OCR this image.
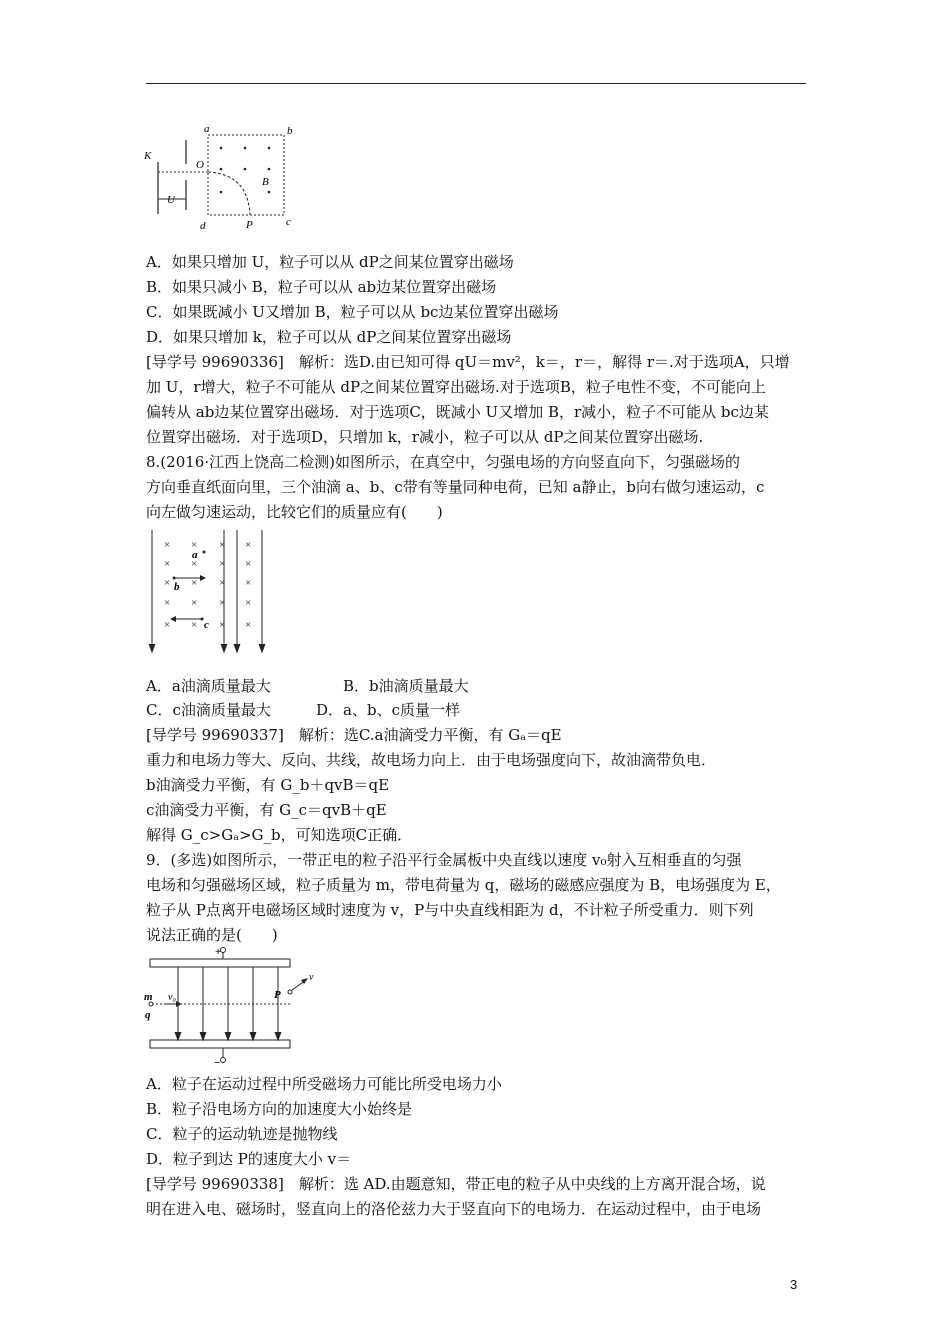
a	b
c
d
K
O
B
P
U
A．如果只增加 U，粒子可以从 dP之间某位置穿出磁场
B．如果只减小 B，粒子可以从 ab边某位置穿出磁场
C．如果既减小 U又增加 B，粒子可以从 bc边某位置穿出磁场
D．如果只增加 k，粒子可以从 dP之间某位置穿出磁场
[导学号 99690336]　解析：选D.由已知可得 qU＝mv²，k＝，r＝，解得 r＝.对于选项A，只增
加 U，r增大，粒子不可能从 dP之间某位置穿出磁场.对于选项B，粒子电性不变，不可能向上
偏转从 ab边某位置穿出磁场．对于选项C，既减小 U又增加 B，r减小，粒子不可能从 bc边某
位置穿出磁场．对于选项D，只增加 k，r减小，粒子可以从 dP之间某位置穿出磁场.
8.(2016·江西上饶高二检测)如图所示，在真空中，匀强电场的方向竖直向下，匀强磁场的
方向垂直纸面向里，三个油滴 a、b、c带有等量同种电荷，已知 a静止，b向右做匀速运动，c
向左做匀速运动，比较它们的质量应有(　　)
× × × ×
× × × ×
× × × ×
× × × ×
× × × ×
a
b
c
A．a油滴质量最大	B．b油滴质量最大
C．c油滴质量最大	D．a、b、c质量一样
[导学号 99690337]　解析：选C.a油滴受力平衡，有 Gₐ＝qE
重力和电场力等大、反向、共线，故电场力向上．由于电场强度向下，故油滴带负电．
b油滴受力平衡，有 G_b＋qvB＝qE
c油滴受力平衡，有 G_c＝qvB＋qE
解得 G_c>Gₐ>G_b，可知选项C正确．
9．(多选)如图所示，一带正电的粒子沿平行金属板中央直线以速度 v₀射入互相垂直的匀强
电场和匀强磁场区域，粒子质量为 m，带电荷量为 q，磁场的磁感应强度为 B，电场强度为 E，
粒子从 P点离开电磁场区域时速度为 v，P与中央直线相距为 d，不计粒子所受重力．则下列
说法正确的是(　　)
+
−
m
q
v₀	P
v
A．粒子在运动过程中所受磁场力可能比所受电场力小
B．粒子沿电场方向的加速度大小始终是
C．粒子的运动轨迹是抛物线
D．粒子到达 P的速度大小 v＝
[导学号 99690338]　解析：选 AD.由题意知，带正电的粒子从中央线的上方离开混合场，说
明在进入电、磁场时，竖直向上的洛伦兹力大于竖直向下的电场力．在运动过程中，由于电场
3
